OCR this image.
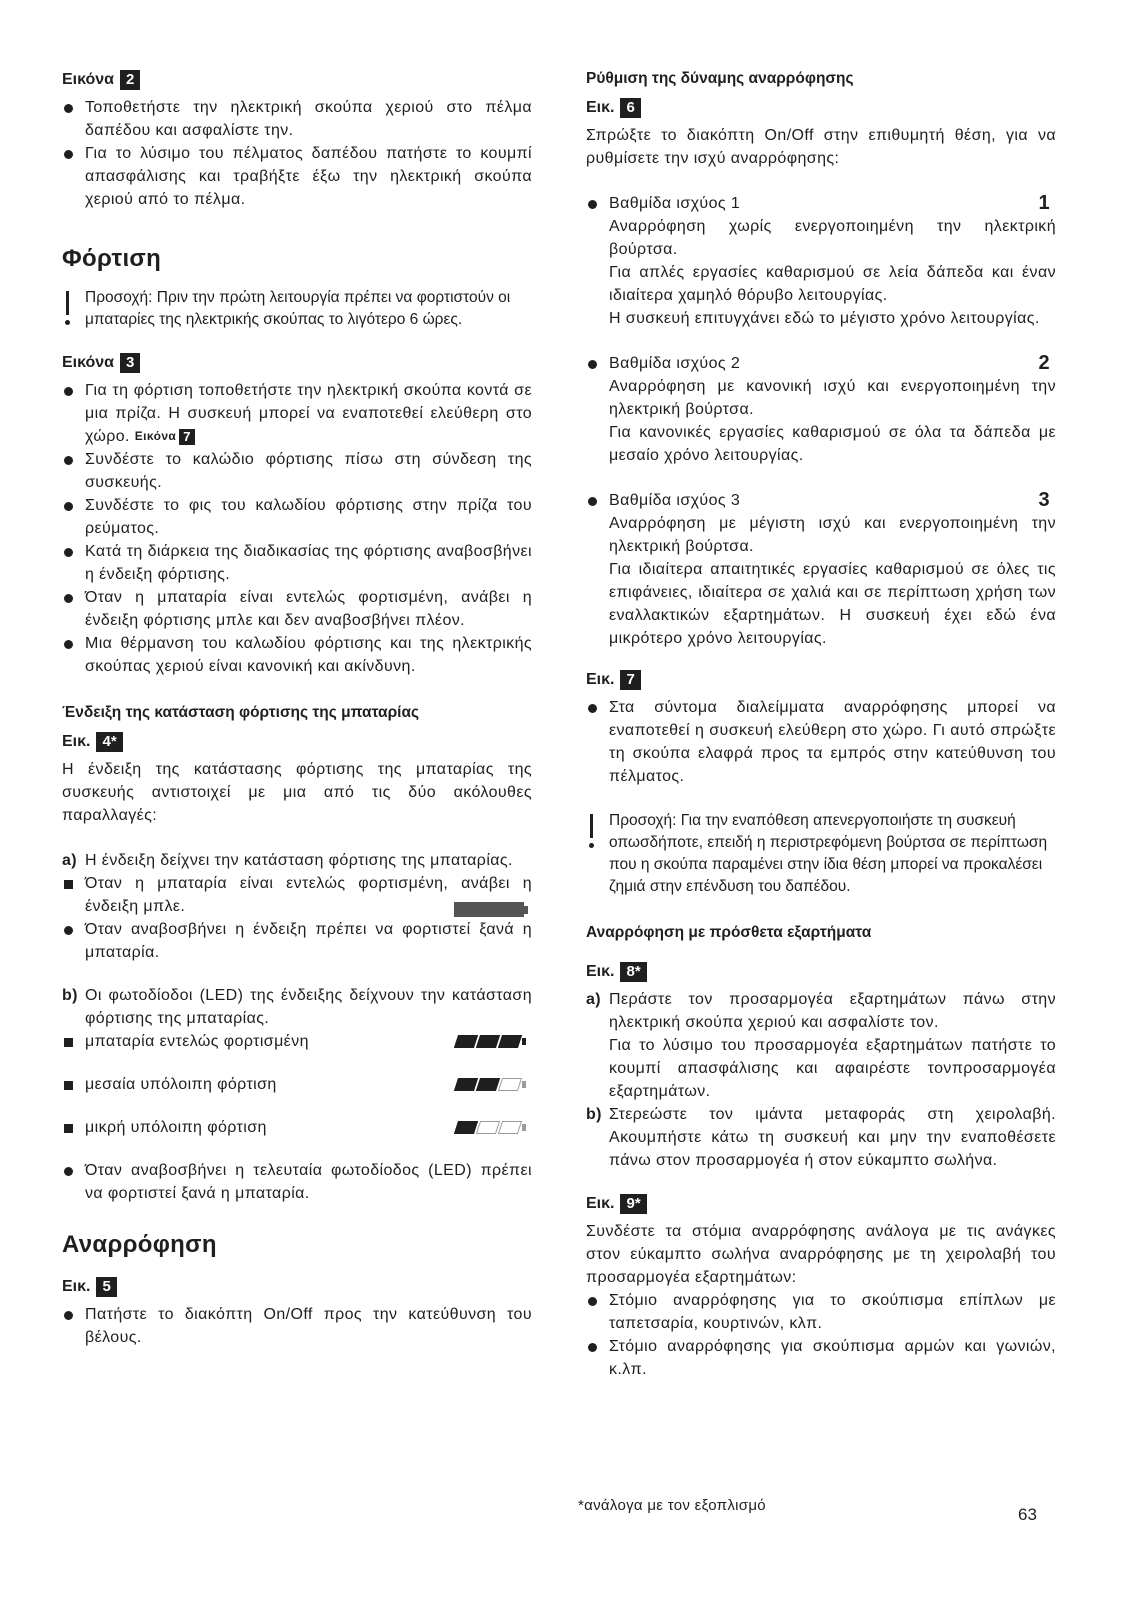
Εικόνα 2
Τοποθετήστε την ηλεκτρική σκούπα χεριού στο πέλμα δαπέδου και ασφαλίστε την.
Για το λύσιμο του πέλματος δαπέδου πατήστε το κουμπί απασφάλισης και τραβήξτε έξω την ηλεκτρική σκούπα χεριού από το πέλμα.
Φόρτιση
Προσοχή: Πριν την πρώτη λειτουργία πρέπει να φορτιστούν οι μπαταρίες της ηλεκτρικής σκούπας το λιγότερο 6 ώρες.
Εικόνα 3
Για τη φόρτιση τοποθετήστε την ηλεκτρική σκούπα κοντά σε μια πρίζα. Η συσκευή μπορεί να εναποτεθεί ελεύθερη στο χώρο. Εικόνα 7
Συνδέστε το καλώδιο φόρτισης πίσω στη σύνδεση της συσκευής.
Συνδέστε το φις του καλωδίου φόρτισης στην πρίζα του ρεύματος.
Κατά τη διάρκεια της διαδικασίας της φόρτισης αναβοσβήνει η ένδειξη φόρτισης.
Όταν η μπαταρία είναι εντελώς φορτισμένη, ανάβει η ένδειξη φόρτισης μπλε και δεν αναβοσβήνει πλέον.
Μια θέρμανση του καλωδίου φόρτισης και της ηλεκτρικής σκούπας χεριού είναι κανονική και ακίνδυνη.
Ένδειξη της κατάσταση φόρτισης της μπαταρίας
Εικ. 4*

Η ένδειξη της κατάστασης φόρτισης της μπαταρίας της συσκευής αντιστοιχεί με μια από τις δύο ακόλουθες παραλλαγές:

a) Η ένδειξη δείχνει την κατάσταση φόρτισης της μπαταρίας.
Όταν η μπαταρία είναι εντελώς φορτισμένη, ανάβει η ένδειξη μπλε.
Όταν αναβοσβήνει η ένδειξη πρέπει να φορτιστεί ξανά η μπαταρία.
b) Οι φωτοδίοδοι (LED) της ένδειξης δείχνουν την κατάσταση φόρτισης της μπαταρίας.
μπαταρία εντελώς φορτισμένη
μεσαία υπόλοιπη φόρτιση
μικρή υπόλοιπη φόρτιση
Όταν αναβοσβήνει η τελευταία φωτοδίοδος (LED) πρέπει να φορτιστεί ξανά η μπαταρία.
Αναρρόφηση
Εικ. 5
Πατήστε το διακόπτη On/Off προς την κατεύθυνση του βέλους.
Ρύθμιση της δύναμης αναρρόφησης
Εικ. 6

Σπρώξτε το διακόπτη On/Off στην επιθυμητή θέση, για να ρυθμίσετε την ισχύ αναρρόφησης:

Βαθμίδα ισχύος 1	1
Αναρρόφηση χωρίς ενεργοποιημένη την ηλεκτρική βούρτσα.
Για απλές εργασίες καθαρισμού σε λεία δάπεδα και έναν ιδιαίτερα χαμηλό θόρυβο λειτουργίας.
Η συσκευή επιτυγχάνει εδώ το μέγιστο χρόνο λειτουργίας.
Βαθμίδα ισχύος 2	2
Αναρρόφηση με κανονική ισχύ και ενεργοποιημένη την ηλεκτρική βούρτσα.
Για κανονικές εργασίες καθαρισμού σε όλα τα δάπεδα με μεσαίο χρόνο λειτουργίας.
Βαθμίδα ισχύος 3	3
Αναρρόφηση με μέγιστη ισχύ και ενεργοποιημένη την ηλεκτρική βούρτσα.
Για ιδιαίτερα απαιτητικές εργασίες καθαρισμού σε όλες τις επιφάνειες, ιδιαίτερα σε χαλιά και σε περίπτωση χρήση των εναλλακτικών εξαρτημάτων. Η συσκευή έχει εδώ ένα μικρότερο χρόνο λειτουργίας.
Εικ. 7
Στα σύντομα διαλείμματα αναρρόφησης μπορεί να εναποτεθεί η συσκευή ελεύθερη στο χώρο. Γι αυτό σπρώξτε τη σκούπα ελαφρά προς τα εμπρός στην κατεύθυνση του πέλματος.
Προσοχή: Για την εναπόθεση απενεργοποιήστε τη συσκευή οπωσδήποτε, επειδή η περιστρεφόμενη βούρτσα σε περίπτωση που η σκούπα παραμένει στην ίδια θέση μπορεί να προκαλέσει ζημιά στην επένδυση του δαπέδου.
Αναρρόφηση με πρόσθετα εξαρτήματα
Εικ. 8*
a) Περάστε τον προσαρμογέα εξαρτημάτων πάνω στην ηλεκτρική σκούπα χεριού και ασφαλίστε τον.
Για το λύσιμο του προσαρμογέα εξαρτημάτων πατήστε το κουμπί απασφάλισης και αφαιρέστε τονπροσαρμογέα εξαρτημάτων.
b) Στερεώστε τον ιμάντα μεταφοράς στη χειρολαβή. Ακουμπήστε κάτω τη συσκευή και μην την εναποθέσετε πάνω στον προσαρμογέα ή στον εύκαμπτο σωλήνα.
Εικ. 9*

Συνδέστε τα στόμια αναρρόφησης ανάλογα με τις ανάγκες στον εύκαμπτο σωλήνα αναρρόφησης με τη χειρολαβή του προσαρμογέα εξαρτημάτων:

Στόμιο αναρρόφησης για το σκούπισμα επίπλων με ταπετσαρία, κουρτινών, κλπ.
Στόμιο αναρρόφησης για σκούπισμα αρμών και γωνιών, κ.λπ.
*ανάλογα με τον εξοπλισμό	63
